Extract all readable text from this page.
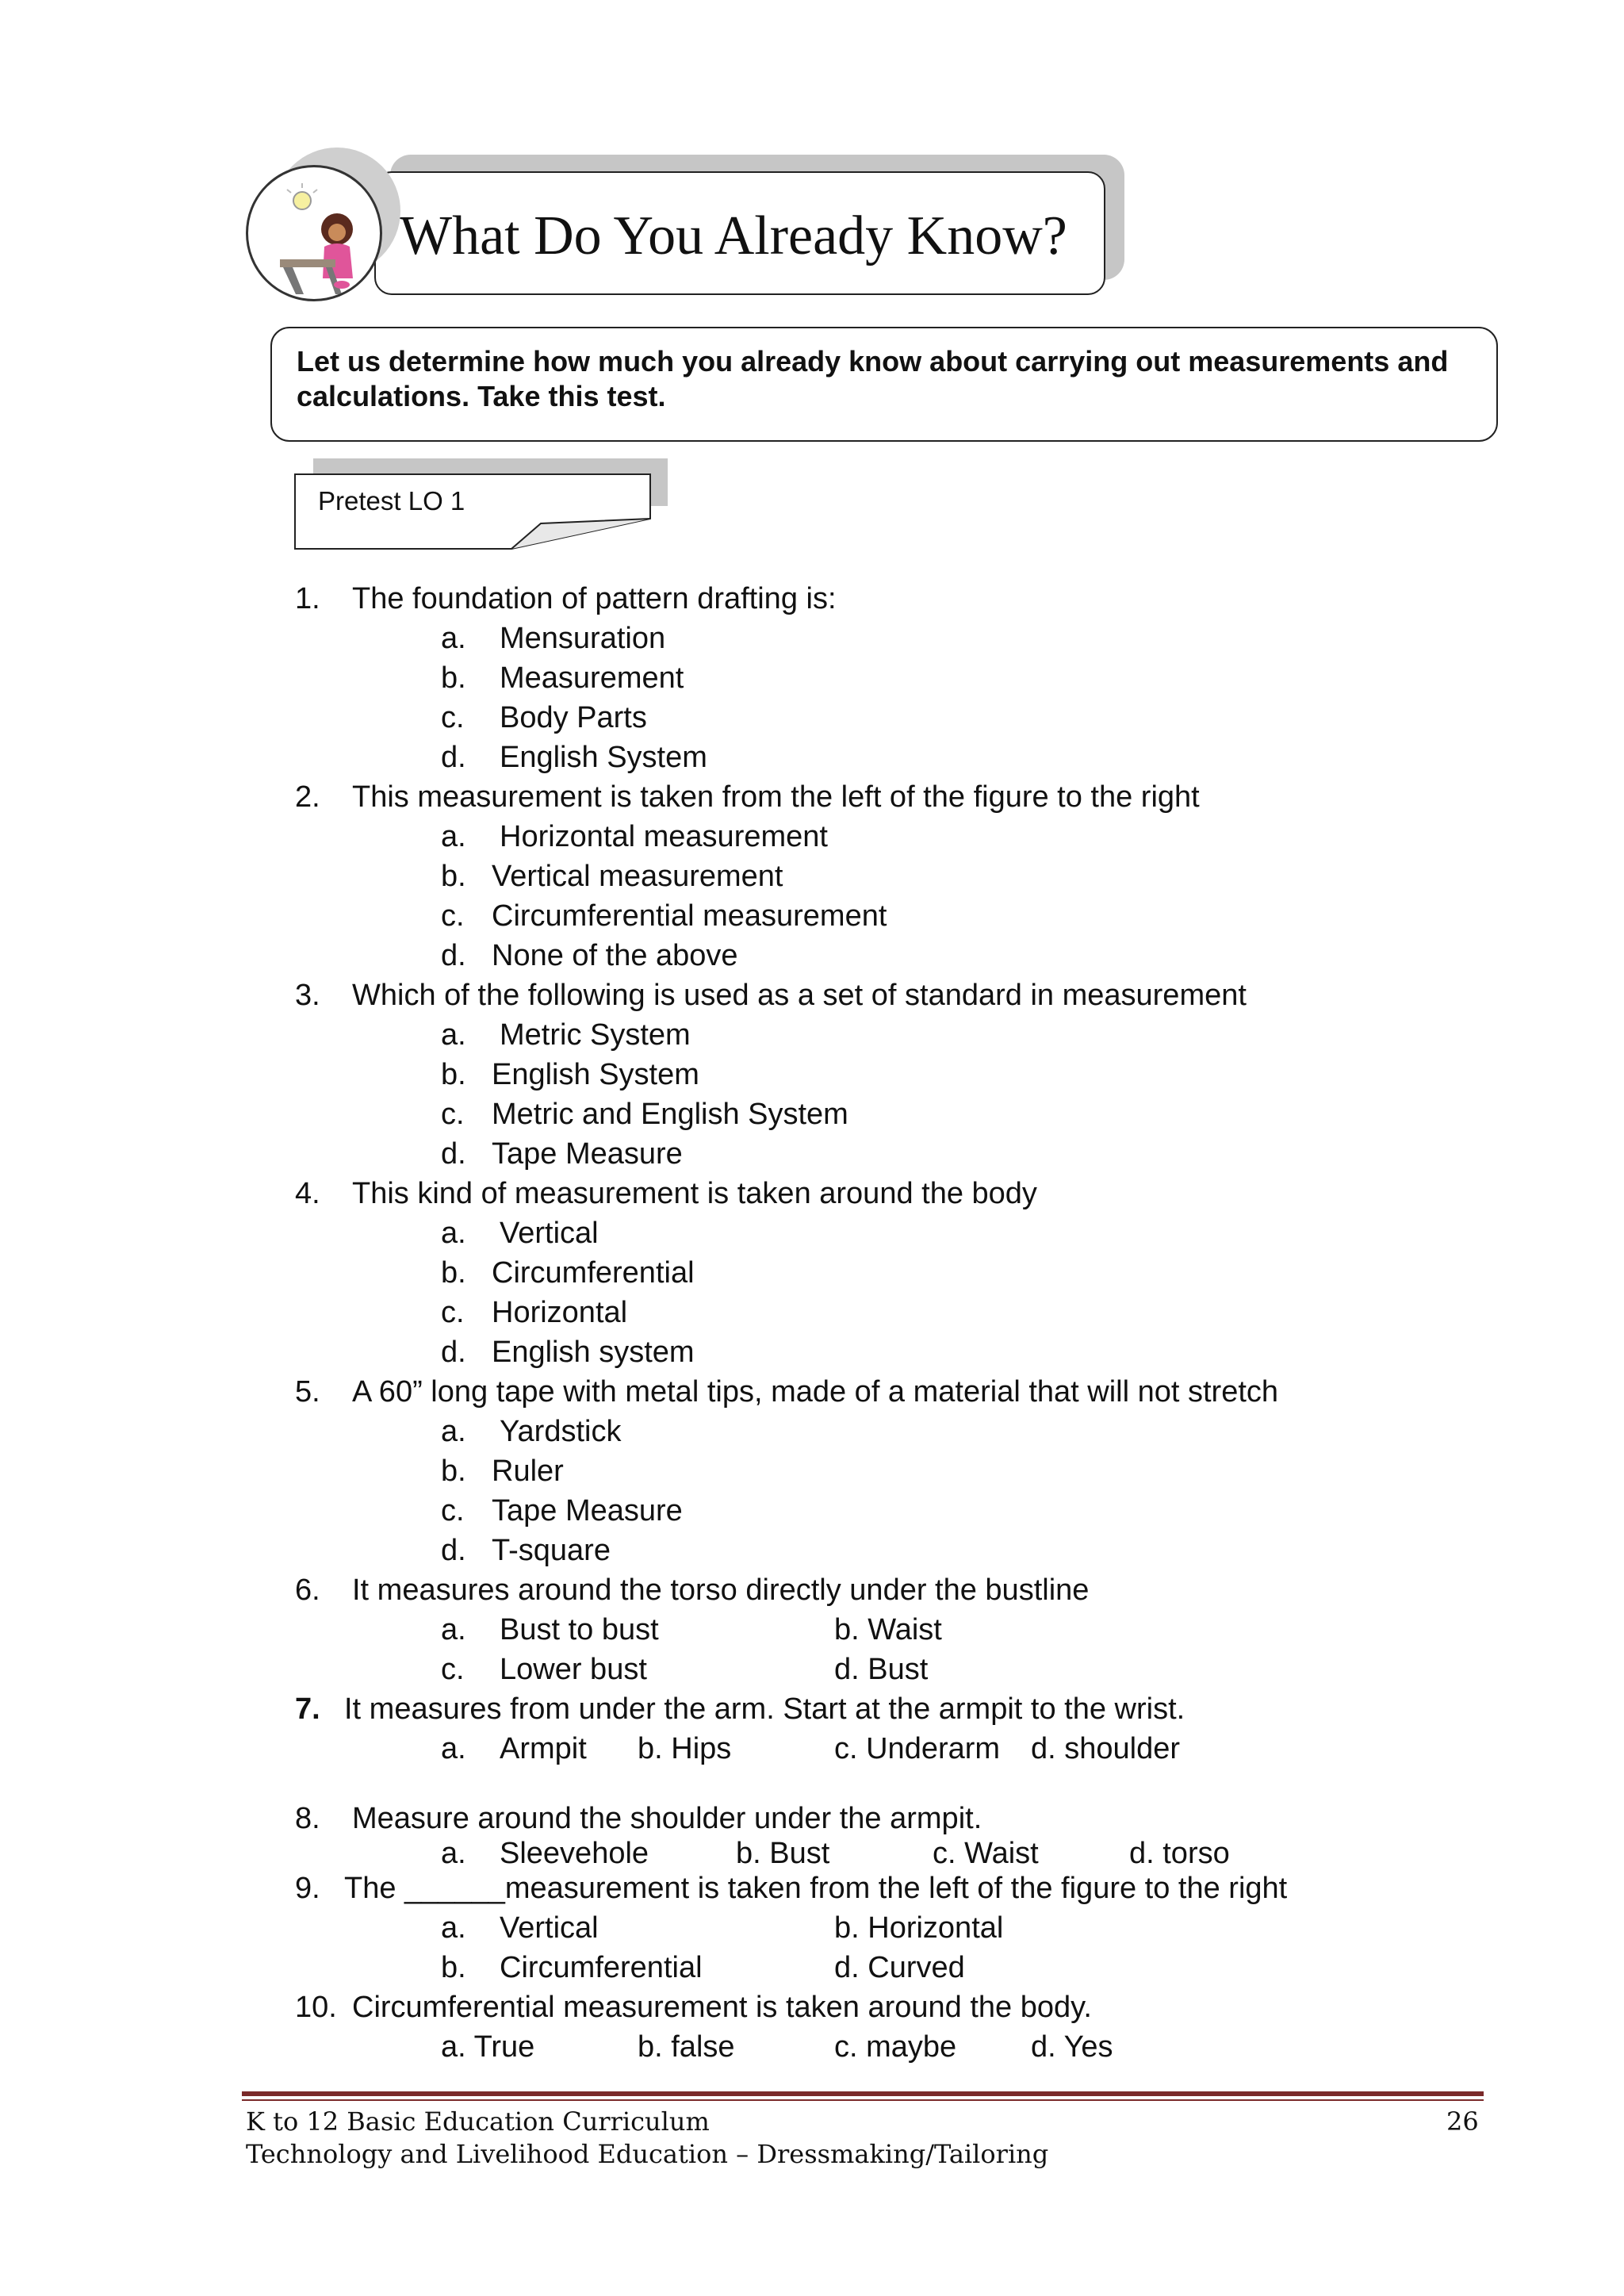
What Do You Already Know?
Let us determine how much you already know about carrying out measurements and calculations. Take this test.
Pretest LO 1
1. The foundation of pattern drafting is:
a. Mensuration
b. Measurement
c. Body Parts
d. English System
2. This measurement is taken from the left of the figure to the right
a. Horizontal measurement
b. Vertical measurement
c. Circumferential measurement
d. None of the above
3. Which of the following is used as a set of standard in measurement
a. Metric System
b. English System
c. Metric and English System
d. Tape Measure
4. This kind of measurement is taken around the body
a. Vertical
b. Circumferential
c. Horizontal
d. English system
5. A 60” long tape with metal tips, made of a material that will not stretch
a. Yardstick
b. Ruler
c. Tape Measure
d. T-square
6. It measures around the torso directly under the bustline
a. Bust to bust	b. Waist
c. Lower bust	d. Bust
7. It measures from under the arm. Start at the armpit to the wrist.
a. Armpit b. Hips	c. Underarm d. shoulder
8. Measure around the shoulder under the armpit.
a. Sleevehole	b. Bust	c. Waist	d. torso
9. The ______measurement is taken from the left of the figure to the right
a. Vertical	b. Horizontal
b. Circumferential	d. Curved
10. Circumferential measurement is taken around the body.
a. True	b. false	c. maybe d. Yes
K to 12 Basic Education Curriculum
Technology and Livelihood Education – Dressmaking/Tailoring
26
